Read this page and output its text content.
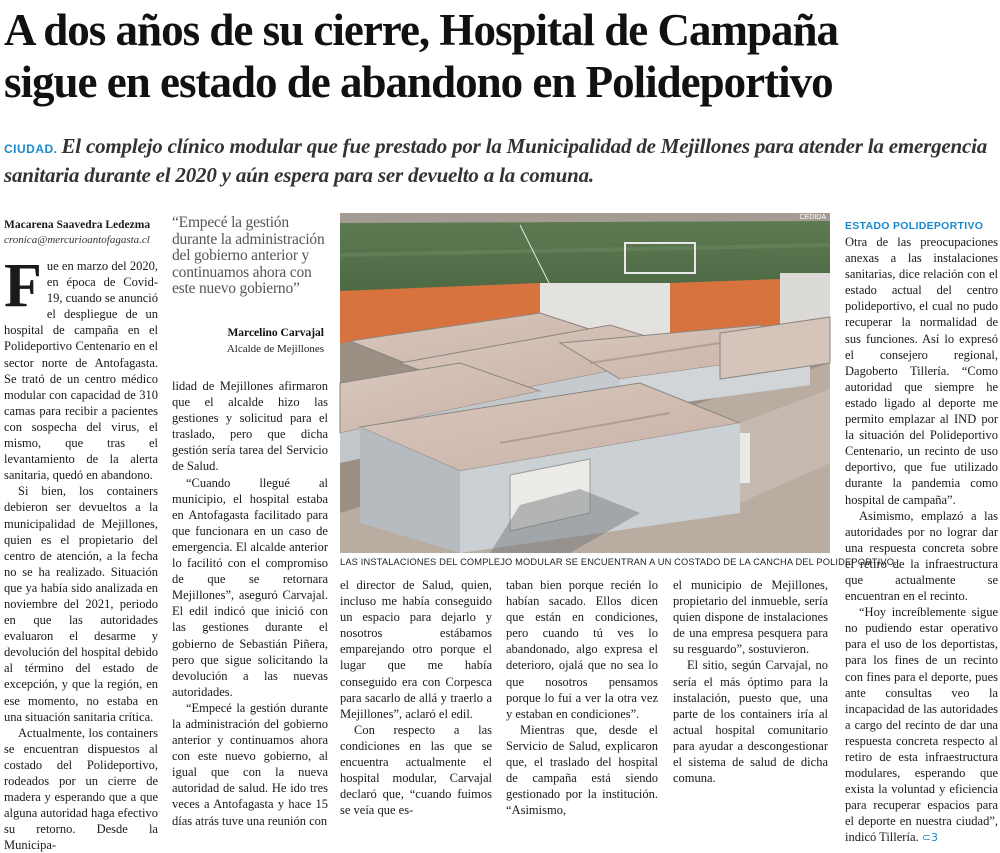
A dos años de su cierre, Hospital de Campaña
sigue en estado de abandono en Polideportivo
CIUDAD. El complejo clínico modular que fue prestado por la Municipalidad de Mejillones para atender la emergencia sanitaria durante el 2020 y aún espera para ser devuelto a la comuna.
Macarena Saavedra Ledezma
cronica@mercurioantofagasta.cl

Fue en marzo del 2020, en época de Covid-19, cuando se anunció el despliegue de un hospital de campaña en el Polideportivo Centenario en el sector norte de Antofagasta. Se trató de un centro médico modular con capacidad de 310 camas para recibir a pacientes con sospecha del virus, el mismo, que tras el levantamiento de la alerta sanitaria, quedó en abandono.

Si bien, los containers debieron ser devueltos a la municipalidad de Mejillones, quien es el propietario del centro de atención, a la fecha no se ha realizado. Situación que ya había sido analizada en noviembre del 2021, periodo en que las autoridades evaluaron el desarme y devolución del hospital debido al término del estado de excepción, y que la región, en ese momento, no estaba en una situación sanitaria crítica.

Actualmente, los containers se encuentran dispuestos al costado del Polideportivo, rodeados por un cierre de madera y esperando que a que alguna autoridad haga efectivo su retorno. Desde la Municipa-

“Empecé la gestión durante la administración del gobierno anterior y continuamos ahora con este nuevo gobierno”
Marcelino Carvajal
Alcalde de Mejillones

lidad de Mejillones afirmaron que el alcalde hizo las gestiones y solicitud para el traslado, pero que dicha gestión sería tarea del Servicio de Salud.

“Cuando llegué al municipio, el hospital estaba en Antofagasta facilitado para que funcionara en un caso de emergencia. El alcalde anterior lo facilitó con el compromiso de que se retornara Mejillones”, aseguró Carvajal. El edil indicó que inició con las gestiones durante el gobierno de Sebastián Piñera, pero que sigue solicitando la devolución a las nuevas autoridades.

“Empecé la gestión durante la administración del gobierno anterior y continuamos ahora con este nuevo gobierno, al igual que con la nueva autoridad de salud. He ido tres veces a Antofagasta y hace 15 días atrás tuve una reunión con

CEDIDA
LAS INSTALACIONES DEL COMPLEJO MODULAR SE ENCUENTRAN A UN COSTADO DE LA CANCHA DEL POLIDEPORTIVO.

el director de Salud, quien, incluso me había conseguido un espacio para dejarlo y nosotros estábamos emparejando otro porque el lugar que me había conseguido era con Corpesca para sacarlo de allá y traerlo a Mejillones”, aclaró el edil.

Con respecto a las condiciones en las que se encuentra actualmente el hospital modular, Carvajal declaró que, “cuando fuimos se veía que es-

taban bien porque recién lo habían sacado. Ellos dicen que están en condiciones, pero cuando tú ves lo abandonado, algo expresa el deterioro, ojalá que no sea lo que nosotros pensamos porque lo fui a ver la otra vez y estaban en condiciones”.

Mientras que, desde el Servicio de Salud, explicaron que, el traslado del hospital de campaña está siendo gestionado por la institución. “Asimismo,

el municipio de Mejillones, propietario del inmueble, sería quien dispone de instalaciones de una empresa pesquera para su resguardo”, sostuvieron.

El sitio, según Carvajal, no sería el más óptimo para la instalación, puesto que, una parte de los containers iría al actual hospital comunitario para ayudar a descongestionar el sistema de salud de dicha comuna.

ESTADO POLIDEPORTIVO

Otra de las preocupaciones anexas a las instalaciones sanitarias, dice relación con el estado actual del centro polideportivo, el cual no pudo recuperar la normalidad de sus funciones. Así lo expresó el consejero regional, Dagoberto Tillería. “Como autoridad que siempre he estado ligado al deporte me permito emplazar al IND por la situación del Polideportivo Centenario, un recinto de uso deportivo, que fue utilizado durante la pandemia como hospital de campaña”.

Asimismo, emplazó a las autoridades por no lograr dar una respuesta concreta sobre el retiro de la infraestructura que actualmente se encuentran en el recinto.

“Hoy increíblemente sigue no pudiendo estar operativo para el uso de los deportistas, para los fines de un recinto con fines para el deporte, pues ante consultas veo la incapacidad de las autoridades a cargo del recinto de dar una respuesta concreta respecto al retiro de esta infraestructura modulares, esperando que exista la voluntad y eficiencia para recuperar espacios para el deporte en nuestra ciudad”, indicó Tillería. ⊂3
